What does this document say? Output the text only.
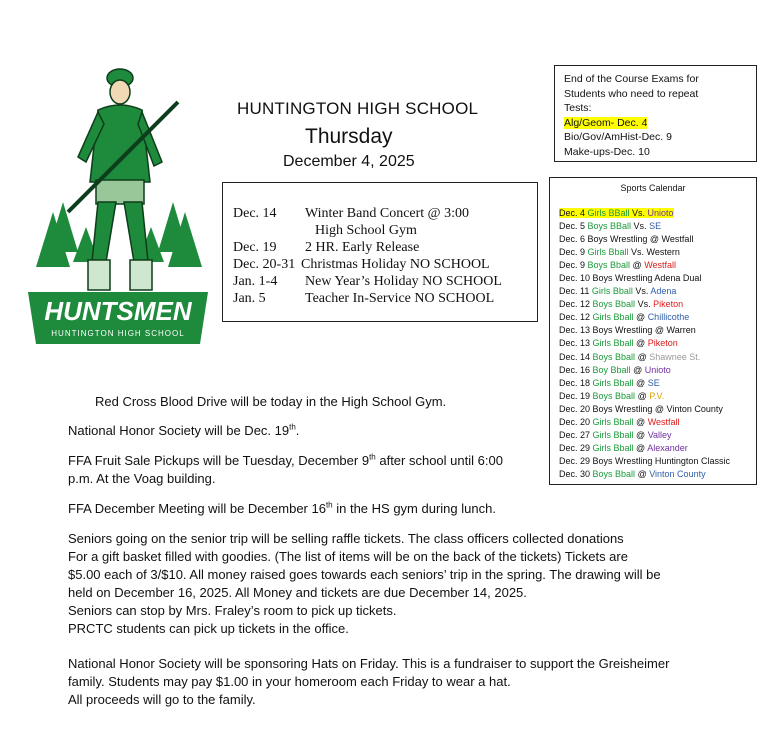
HUNTINGTON HIGH SCHOOL
Thursday
December 4, 2025
HUNTSMEN
HUNTINGTON HIGH SCHOOL
Dec. 14 Winter Band Concert @ 3:00
High School Gym
Dec. 19 2 HR. Early Release
Dec. 20-31 Christmas Holiday NO SCHOOL
Jan. 1-4 New Year’s Holiday NO SCHOOL
Jan. 5	Teacher In-Service NO SCHOOL
End of the Course Exams for
Students who need to repeat
Tests:
Alg/Geom- Dec. 4
Bio/Gov/AmHist-Dec. 9
Make-ups-Dec. 10
Sports Calendar
Dec. 4 Girls BBall Vs. Unioto
Dec. 5 Boys BBall Vs. SE
Dec. 6 Boys Wrestling @ Westfall
Dec. 9 Girls Bball Vs. Western
Dec. 9 Boys Bball @ Westfall
Dec. 10 Boys Wrestling Adena Dual
Dec. 11 Girls Bball Vs. Adena
Dec. 12 Boys Bball Vs. Piketon
Dec. 12 Girls Bball @ Chillicothe
Dec. 13 Boys Wrestling @ Warren
Dec. 13 Girls Bball @ Piketon
Dec. 14 Boys Bball @ Shawnee St.
Dec. 16 Boy Bball @ Unioto
Dec. 18 Girls Bball @ SE
Dec. 19 Boys Bball @ P.V.
Dec. 20 Boys Wrestling @ Vinton County
Dec. 20 Girls Bball @ Westfall
Dec. 27 Girls Bball @ Valley
Dec. 29 Girls Bball @ Alexander
Dec. 29 Boys Wrestling Huntington Classic
Dec. 30 Boys Bball @ Vinton County
Red Cross Blood Drive will be today in the High School Gym.
National Honor Society will be Dec. 19th.
FFA Fruit Sale Pickups will be Tuesday, December 9th after school until 6:00
p.m. At the Voag building.
FFA December Meeting will be December 16th in the HS gym during lunch.
Seniors going on the senior trip will be selling raffle tickets. The class officers collected donations
For a gift basket filled with goodies. (The list of items will be on the back of the tickets) Tickets are
$5.00 each of 3/$10. All money raised goes towards each seniors’ trip in the spring. The drawing will be
held on December 16, 2025. All Money and tickets are due December 14, 2025.
Seniors can stop by Mrs. Fraley’s room to pick up tickets.
PRCTC students can pick up tickets in the office.
National Honor Society will be sponsoring Hats on Friday. This is a fundraiser to support the Greisheimer
family. Students may pay $1.00 in your homeroom each Friday to wear a hat.
All proceeds will go to the family.
